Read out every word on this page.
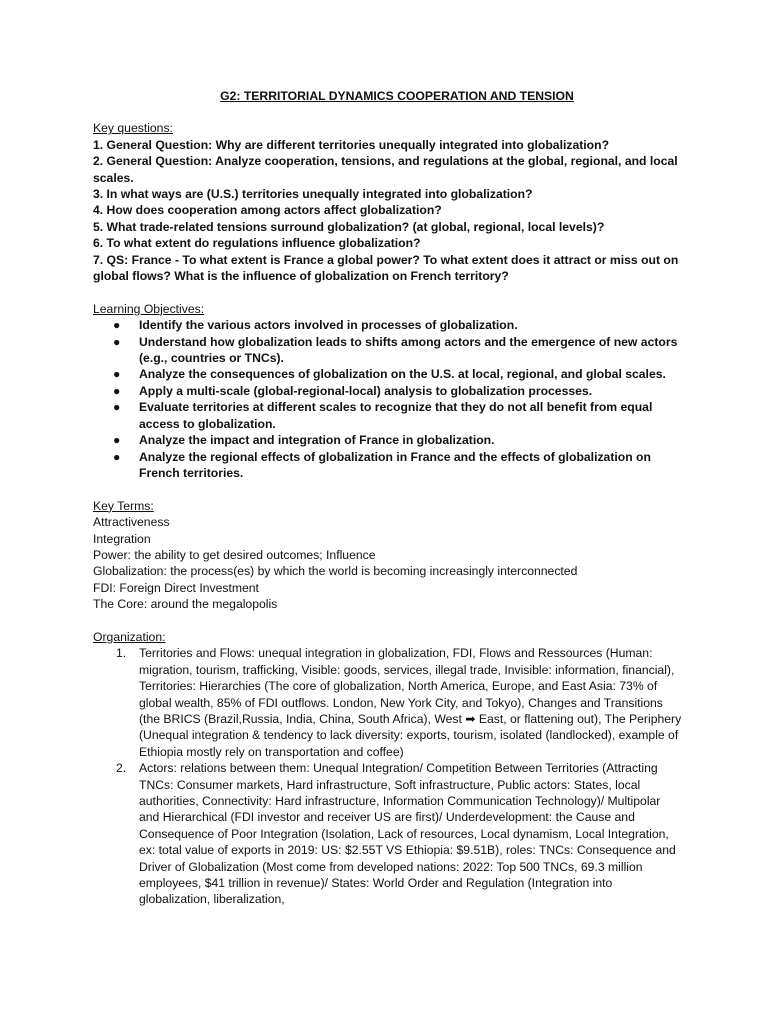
G2: TERRITORIAL DYNAMICS COOPERATION AND TENSION

Key questions:

1. General Question: Why are different territories unequally integrated into globalization?

2. General Question: Analyze cooperation, tensions, and regulations at the global, regional, and local scales.

3. In what ways are (U.S.) territories unequally integrated into globalization?

4. How does cooperation among actors affect globalization?

5. What trade-related tensions surround globalization? (at global, regional, local levels)?

6. To what extent do regulations influence globalization?

7. QS: France - To what extent is France a global power? To what extent does it attract or miss out on global flows? What is the influence of globalization on French territory?

Learning Objectives:

● Identify the various actors involved in processes of globalization.
● Understand how globalization leads to shifts among actors and the emergence of new actors (e.g., countries or TNCs).
● Analyze the consequences of globalization on the U.S. at local, regional, and global scales.
● Apply a multi-scale (global-regional-local) analysis to globalization processes.
● Evaluate territories at different scales to recognize that they do not all benefit from equal access to globalization.
● Analyze the impact and integration of France in globalization.
● Analyze the regional effects of globalization in France and the effects of globalization on French territories.

Key Terms:

Attractiveness

Integration

Power: the ability to get desired outcomes; Influence

Globalization: the process(es) by which the world is becoming increasingly interconnected

FDI: Foreign Direct Investment

The Core: around the megalopolis

Organization:

1. Territories and Flows: unequal integration in globalization, FDI, Flows and Ressources (Human: migration, tourism, trafficking, Visible: goods, services, illegal trade, Invisible: information, financial), Territories: Hierarchies (The core of globalization, North America, Europe, and East Asia: 73% of global wealth, 85% of FDI outflows. London, New York City, and Tokyo), Changes and Transitions (the BRICS (Brazil,Russia, India, China, South Africa), West ➡ East, or flattening out), The Periphery (Unequal integration & tendency to lack diversity: exports, tourism, isolated (landlocked), example of Ethiopia mostly rely on transportation and coffee)
2. Actors: relations between them: Unequal Integration/ Competition Between Territories (Attracting TNCs: Consumer markets, Hard infrastructure, Soft infrastructure, Public actors: States, local authorities, Connectivity: Hard infrastructure, Information Communication Technology)/ Multipolar and Hierarchical (FDI investor and receiver US are first)/ Underdevelopment: the Cause and Consequence of Poor Integration (Isolation, Lack of resources, Local dynamism, Local Integration, ex: total value of exports in 2019: US: $2.55T VS Ethiopia: $9.51B), roles: TNCs: Consequence and Driver of Globalization (Most come from developed nations: 2022: Top 500 TNCs, 69.3 million employees, $41 trillion in revenue)/ States: World Order and Regulation (Integration into globalization, liberalization,
